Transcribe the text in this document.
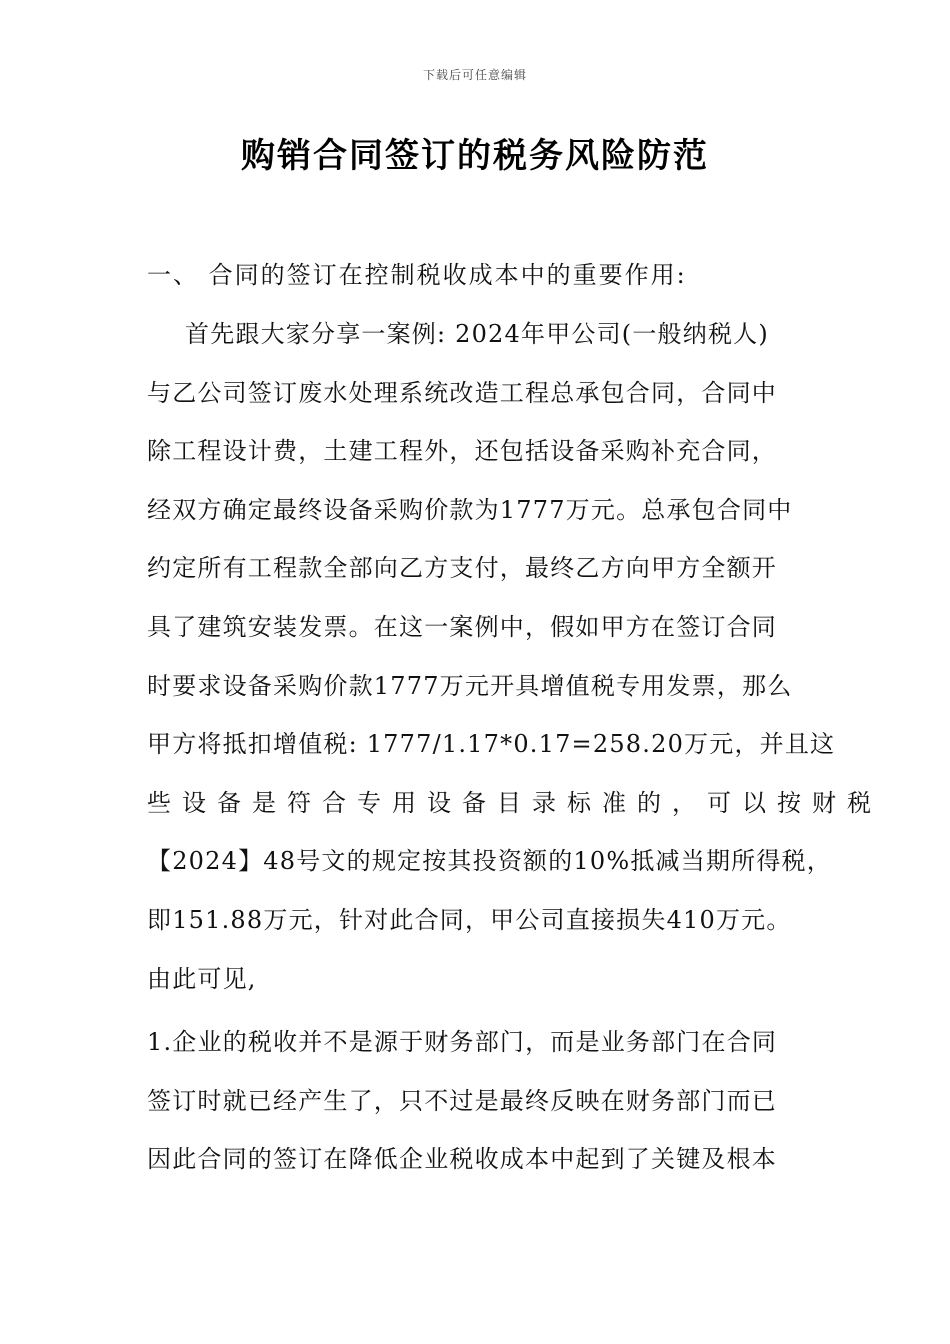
下载后可任意编辑
购销合同签订的税务风险防范
一、 合同的签订在控制税收成本中的重要作用:
首先跟大家分享一案例: 2024年甲公司(一般纳税人)
与乙公司签订废水处理系统改造工程总承包合同，合同中
除工程设计费，土建工程外，还包括设备采购补充合同，
经双方确定最终设备采购价款为1777万元。总承包合同中
约定所有工程款全部向乙方支付，最终乙方向甲方全额开
具了建筑安装发票。在这一案例中，假如甲方在签订合同
时要求设备采购价款1777万元开具增值税专用发票，那么
甲方将抵扣增值税: 1777/1.17*0.17=258.20万元，并且这
些设备是符合专用设备目录标准的，可以按财税
【2024】48号文的规定按其投资额的10%抵减当期所得税，
即151.88万元，针对此合同，甲公司直接损失410万元。
由此可见,
1.企业的税收并不是源于财务部门，而是业务部门在合同
签订时就已经产生了，只不过是最终反映在财务部门而已
因此合同的签订在降低企业税收成本中起到了关键及根本
